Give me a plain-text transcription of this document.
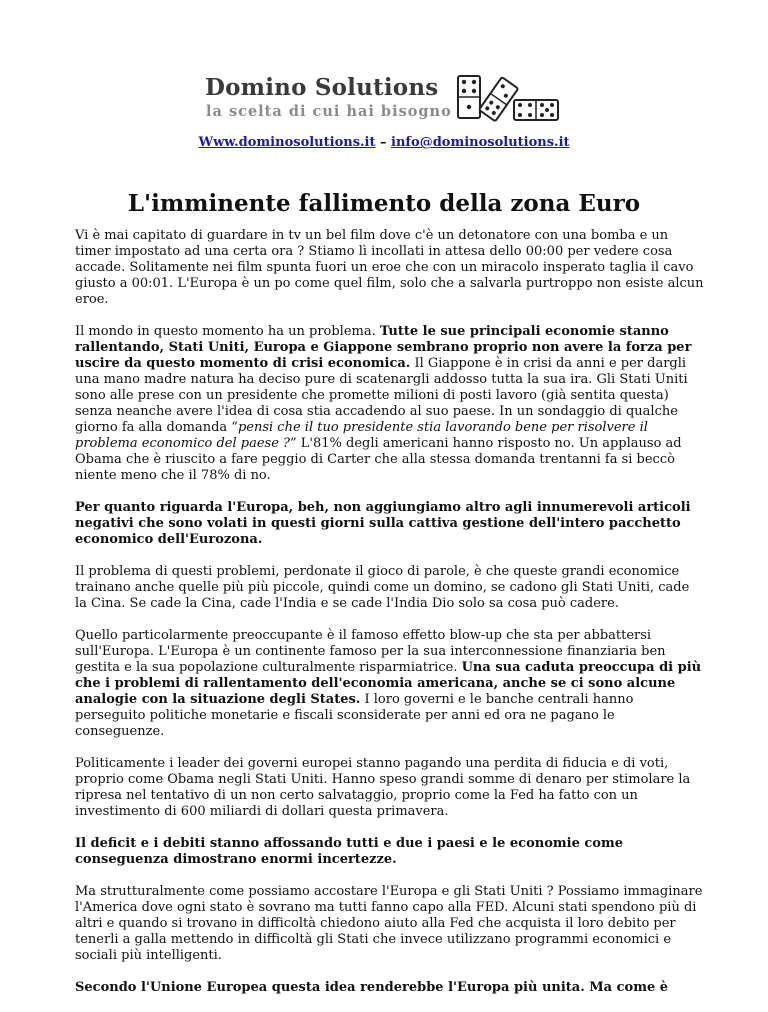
Domino Solutions
la scelta di cui hai bisogno
Www.dominosolutions.it – info@dominosolutions.it
L'imminente fallimento della zona Euro

Vi è mai capitato di guardare in tv un bel film dove c'è un detonatore con una bomba e un timer impostato ad una certa ora ? Stiamo lì incollati in attesa dello 00:00 per vedere cosa accade. Solitamente nei film spunta fuori un eroe che con un miracolo insperato taglia il cavo giusto a 00:01. L'Europa è un po come quel film, solo che a salvarla purtroppo non esiste alcun eroe.

Il mondo in questo momento ha un problema. Tutte le sue principali economie stanno rallentando, Stati Uniti, Europa e Giappone sembrano proprio non avere la forza per uscire da questo momento di crisi economica. Il Giappone è in crisi da anni e per dargli una mano madre natura ha deciso pure di scatenargli addosso tutta la sua ira. Gli Stati Uniti sono alle prese con un presidente che promette milioni di posti lavoro (già sentita questa) senza neanche avere l'idea di cosa stia accadendo al suo paese. In un sondaggio di qualche giorno fa alla domanda “pensi che il tuo presidente stia lavorando bene per risolvere il problema economico del paese ?” L'81% degli americani hanno risposto no. Un applauso ad Obama che è riuscito a fare peggio di Carter che alla stessa domanda trentanni fa si beccò niente meno che il 78% di no.

Per quanto riguarda l'Europa, beh, non aggiungiamo altro agli innumerevoli articoli negativi che sono volati in questi giorni sulla cattiva gestione dell'intero pacchetto economico dell'Eurozona.

Il problema di questi problemi, perdonate il gioco di parole, è che queste grandi economice trainano anche quelle più più piccole, quindi come un domino, se cadono gli Stati Uniti, cade la Cina. Se cade la Cina, cade l'India e se cade l'India Dio solo sa cosa può cadere.

Quello particolarmente preoccupante è il famoso effetto blow-up che sta per abbattersi sull'Europa. L'Europa è un continente famoso per la sua interconnessione finanziaria ben gestita e la sua popolazione culturalmente risparmiatrice. Una sua caduta preoccupa di più che i problemi di rallentamento dell'economia americana, anche se ci sono alcune analogie con la situazione degli States. I loro governi e le banche centrali hanno perseguito politiche monetarie e fiscali sconsiderate per anni ed ora ne pagano le conseguenze.

Politicamente i leader dei governi europei stanno pagando una perdita di fiducia e di voti, proprio come Obama negli Stati Uniti. Hanno speso grandi somme di denaro per stimolare la ripresa nel tentativo di un non certo salvataggio, proprio come la Fed ha fatto con un investimento di 600 miliardi di dollari questa primavera.

Il deficit e i debiti stanno affossando tutti e due i paesi e le economie come conseguenza dimostrano enormi incertezze.

Ma strutturalmente come possiamo accostare l'Europa e gli Stati Uniti ? Possiamo immaginare l'America dove ogni stato è sovrano ma tutti fanno capo alla FED. Alcuni stati spendono più di altri e quando si trovano in difficoltà chiedono aiuto alla Fed che acquista il loro debito per tenerli a galla mettendo in difficoltà gli Stati che invece utilizzano programmi economici e sociali più intelligenti.

Secondo l'Unione Europea questa idea renderebbe l'Europa più unita. Ma come è
